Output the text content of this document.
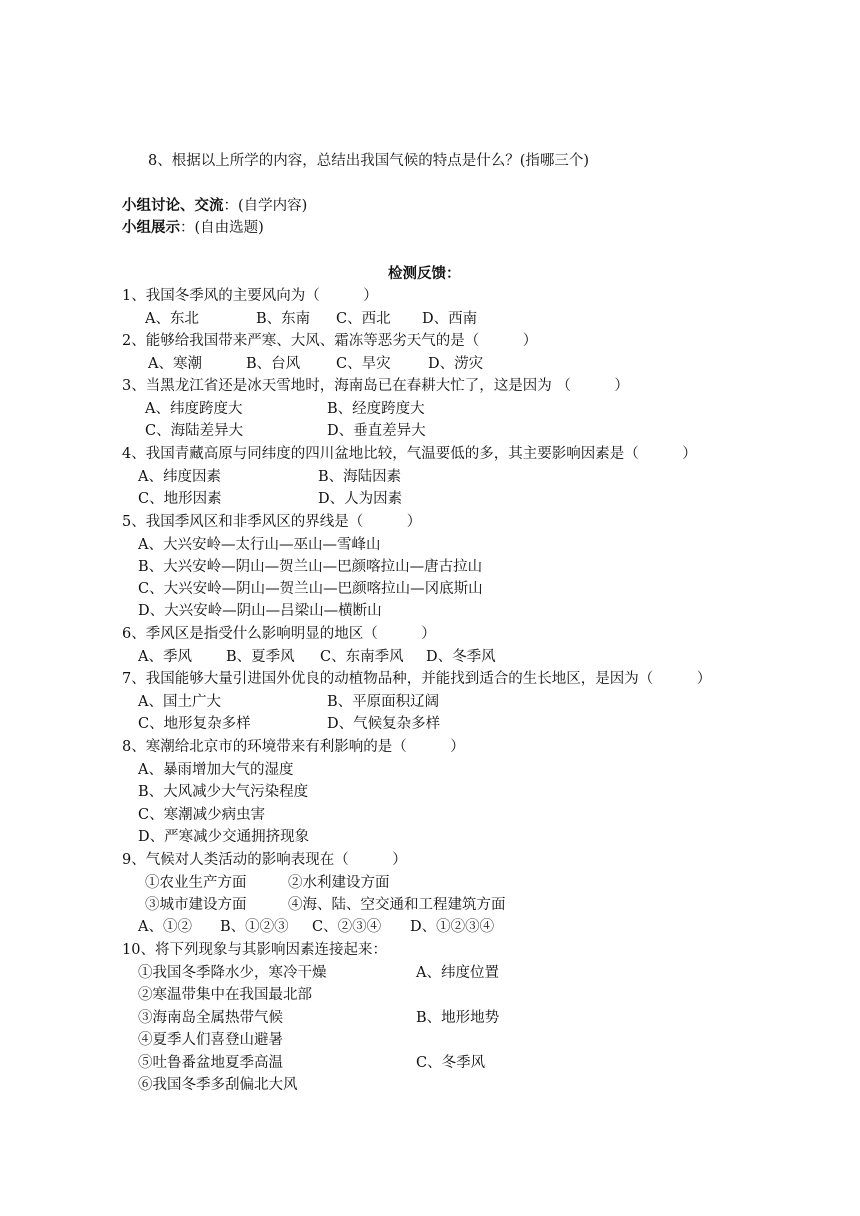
8、根据以上所学的内容，总结出我国气候的特点是什么？(指哪三个)
小组讨论、交流：(自学内容)
小组展示：(自由选题)
检测反馈：
1、我国冬季风的主要风向为（　　　）
A、东北	B、东南 C、西北 D、西南
2、能够给我国带来严寒、大风、霜冻等恶劣天气的是（　　　）
A、寒潮	B、台风 C、旱灾	D、涝灾
3、当黑龙江省还是冰天雪地时，海南岛已在春耕大忙了，这是因为 （　　　）
A、纬度跨度大	B、经度跨度大
C、海陆差异大	D、垂直差异大
4、我国青藏高原与同纬度的四川盆地比较，气温要低的多，其主要影响因素是（　　　）
A、纬度因素	B、海陆因素
C、地形因素	D、人为因素
5、我国季风区和非季风区的界线是（　　　）
A、大兴安岭—太行山—巫山—雪峰山
B、大兴安岭—阴山—贺兰山—巴颜喀拉山—唐古拉山
C、大兴安岭—阴山—贺兰山—巴颜喀拉山—冈底斯山
D、大兴安岭—阴山—吕梁山—横断山
6、季风区是指受什么影响明显的地区（　　　）
A、季风 B、夏季风 C、东南季风 D、冬季风
7、我国能够大量引进国外优良的动植物品种，并能找到适合的生长地区，是因为（　　　）
A、国土广大	B、平原面积辽阔
C、地形复杂多样	D、气候复杂多样
8、寒潮给北京市的环境带来有利影响的是（　　　）
A、暴雨增加大气的湿度
B、大风减少大气污染程度
C、寒潮减少病虫害
D、严寒减少交通拥挤现象
9、气候对人类活动的影响表现在（　　　）
①农业生产方面	②水利建设方面
③城市建设方面	④海、陆、空交通和工程建筑方面
A、①② B、①②③ C、②③④ D、①②③④
10、将下列现象与其影响因素连接起来：
①我国冬季降水少，寒冷干燥	A、纬度位置
②寒温带集中在我国最北部
③海南岛全属热带气候	B、地形地势
④夏季人们喜登山避暑
⑤吐鲁番盆地夏季高温	C、冬季风
⑥我国冬季多刮偏北大风
